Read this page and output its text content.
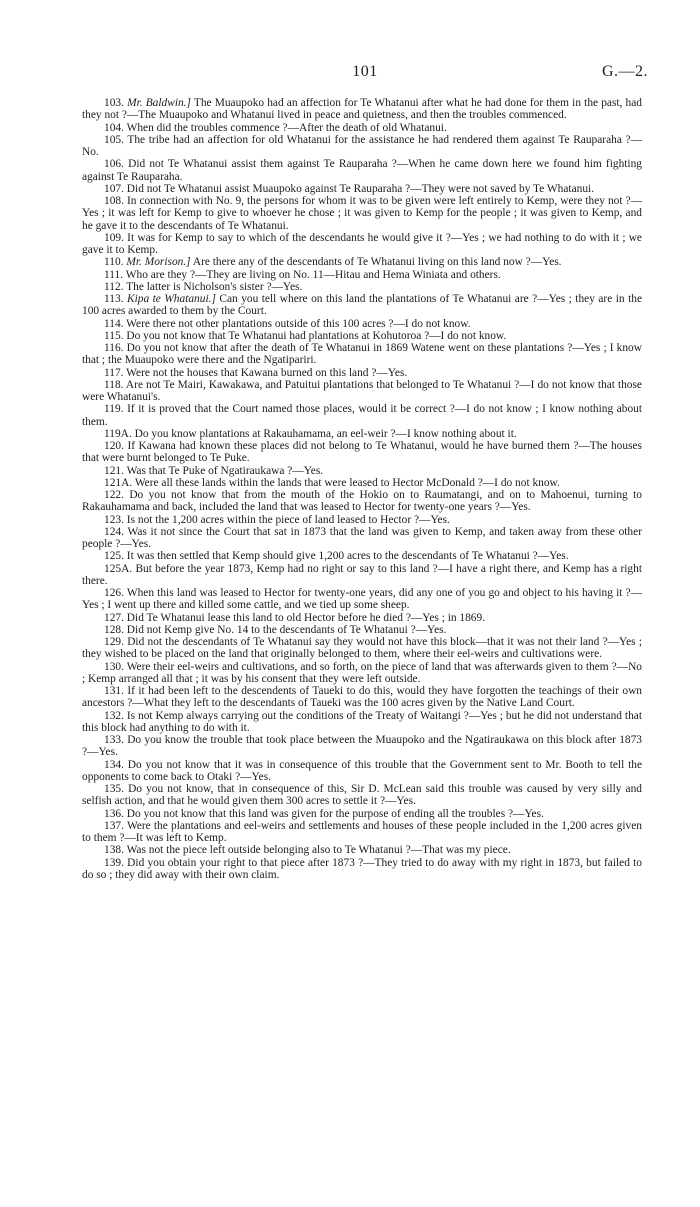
101	G.—2.

103. Mr. Baldwin.] The Muaupoko had an affection for Te Whatanui after what he had done for them in the past, had they not ?—The Muaupoko and Whatanui lived in peace and quietness, and then the troubles commenced.

104. When did the troubles commence ?—After the death of old Whatanui.

105. The tribe had an affection for old Whatanui for the assistance he had rendered them against Te Rauparaha ?—No.

106. Did not Te Whatanui assist them against Te Rauparaha ?—When he came down here we found him fighting against Te Rauparaha.

107. Did not Te Whatanui assist Muaupoko against Te Rauparaha ?—They were not saved by Te Whatanui.

108. In connection with No. 9, the persons for whom it was to be given were left entirely to Kemp, were they not ?—Yes ; it was left for Kemp to give to whoever he chose ; it was given to Kemp for the people ; it was given to Kemp, and he gave it to the descendants of Te Whatanui.

109. It was for Kemp to say to which of the descendants he would give it ?—Yes ; we had nothing to do with it ; we gave it to Kemp.

110. Mr. Morison.] Are there any of the descendants of Te Whatanui living on this land now ?—Yes.

111. Who are they ?—They are living on No. 11—Hitau and Hema Winiata and others.

112. The latter is Nicholson's sister ?—Yes.

113. Kipa te Whatanui.] Can you tell where on this land the plantations of Te Whatanui are ?—Yes ; they are in the 100 acres awarded to them by the Court.

114. Were there not other plantations outside of this 100 acres ?—I do not know.

115. Do you not know that Te Whatanui had plantations at Kohutoroa ?—I do not know.

116. Do you not know that after the death of Te Whatanui in 1869 Watene went on these plantations ?—Yes ; I know that ; the Muaupoko were there and the Ngatipariri.

117. Were not the houses that Kawana burned on this land ?—Yes.

118. Are not Te Mairi, Kawakawa, and Patuitui plantations that belonged to Te Whatanui ?—I do not know that those were Whatanui's.

119. If it is proved that the Court named those places, would it be correct ?—I do not know ; I know nothing about them.

119A. Do you know plantations at Rakauhamama, an eel-weir ?—I know nothing about it.

120. If Kawana had known these places did not belong to Te Whatanui, would he have burned them ?—The houses that were burnt belonged to Te Puke.

121. Was that Te Puke of Ngatiraukawa ?—Yes.

121A. Were all these lands within the lands that were leased to Hector McDonald ?—I do not know.

122. Do you not know that from the mouth of the Hokio on to Raumatangi, and on to Mahoenui, turning to Rakauhamama and back, included the land that was leased to Hector for twenty-one years ?—Yes.

123. Is not the 1,200 acres within the piece of land leased to Hector ?—Yes.

124. Was it not since the Court that sat in 1873 that the land was given to Kemp, and taken away from these other people ?—Yes.

125. It was then settled that Kemp should give 1,200 acres to the descendants of Te Whatanui ?—Yes.

125A. But before the year 1873, Kemp had no right or say to this land ?—I have a right there, and Kemp has a right there.

126. When this land was leased to Hector for twenty-one years, did any one of you go and object to his having it ?—Yes ; I went up there and killed some cattle, and we tied up some sheep.

127. Did Te Whatanui lease this land to old Hector before he died ?—Yes ; in 1869.

128. Did not Kemp give No. 14 to the descendants of Te Whatanui ?—Yes.

129. Did not the descendants of Te Whatanui say they would not have this block—that it was not their land ?—Yes ; they wished to be placed on the land that originally belonged to them, where their eel-weirs and cultivations were.

130. Were their eel-weirs and cultivations, and so forth, on the piece of land that was afterwards given to them ?—No ; Kemp arranged all that ; it was by his consent that they were left outside.

131. If it had been left to the descendents of Taueki to do this, would they have forgotten the teachings of their own ancestors ?—What they left to the descendants of Taueki was the 100 acres given by the Native Land Court.

132. Is not Kemp always carrying out the conditions of the Treaty of Waitangi ?—Yes ; but he did not understand that this block had anything to do with it.

133. Do you know the trouble that took place between the Muaupoko and the Ngatiraukawa on this block after 1873 ?—Yes.

134. Do you not know that it was in consequence of this trouble that the Government sent to Mr. Booth to tell the opponents to come back to Otaki ?—Yes.

135. Do you not know, that in consequence of this, Sir D. McLean said this trouble was caused by very silly and selfish action, and that he would given them 300 acres to settle it ?—Yes.

136. Do you not know that this land was given for the purpose of ending all the troubles ?—Yes.

137. Were the plantations and eel-weirs and settlements and houses of these people included in the 1,200 acres given to them ?—It was left to Kemp.

138. Was not the piece left outside belonging also to Te Whatanui ?—That was my piece.

139. Did you obtain your right to that piece after 1873 ?—They tried to do away with my right in 1873, but failed to do so ; they did away with their own claim.
